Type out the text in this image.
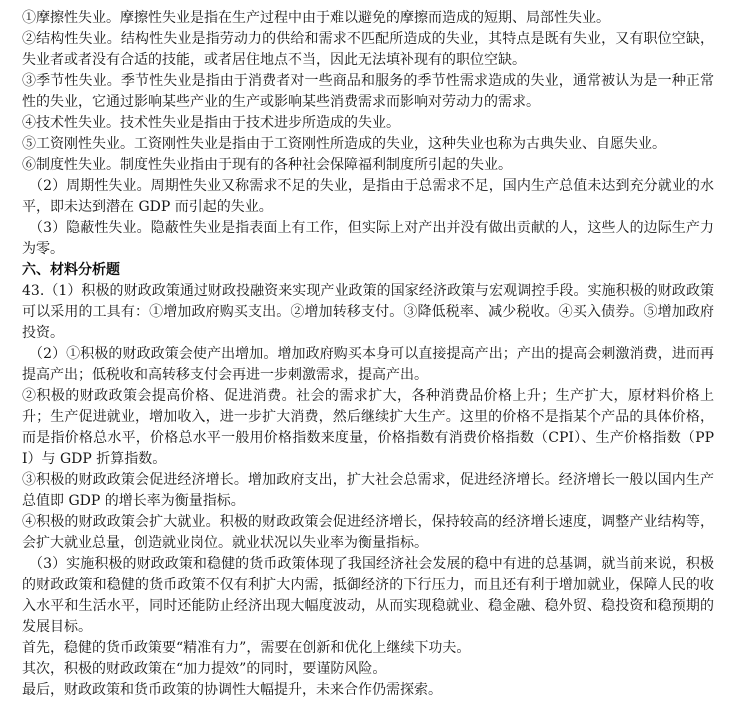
①摩擦性失业。摩擦性失业是指在生产过程中由于难以避免的摩擦而造成的短期、局部性失业。

②结构性失业。结构性失业是指劳动力的供给和需求不匹配所造成的失业，其特点是既有失业，又有职位空缺，失业者或者没有合适的技能，或者居住地点不当，因此无法填补现有的职位空缺。

③季节性失业。季节性失业是指由于消费者对一些商品和服务的季节性需求造成的失业，通常被认为是一种正常性的失业，它通过影响某些产业的生产或影响某些消费需求而影响对劳动力的需求。

④技术性失业。技术性失业是指由于技术进步所造成的失业。

⑤工资刚性失业。工资刚性失业是指由于工资刚性所造成的失业，这种失业也称为古典失业、自愿失业。

⑥制度性失业。制度性失业指由于现有的各种社会保障福利制度所引起的失业。

（2）周期性失业。周期性失业又称需求不足的失业，是指由于总需求不足，国内生产总值未达到充分就业的水平，即未达到潜在 GDP 而引起的失业。

（3）隐蔽性失业。隐蔽性失业是指表面上有工作，但实际上对产出并没有做出贡献的人，这些人的边际生产力为零。

六、材料分析题

43.（1）积极的财政政策通过财政投融资来实现产业政策的国家经济政策与宏观调控手段。实施积极的财政政策可以采用的工具有：①增加政府购买支出。②增加转移支付。③降低税率、减少税收。④买入债券。⑤增加政府投资。

（2）①积极的财政政策会使产出增加。增加政府购买本身可以直接提高产出；产出的提高会刺激消费，进而再提高产出；低税收和高转移支付会再进一步刺激需求，提高产出。

②积极的财政政策会提高价格、促进消费。社会的需求扩大，各种消费品价格上升；生产扩大，原材料价格上升；生产促进就业，增加收入，进一步扩大消费，然后继续扩大生产。这里的价格不是指某个产品的具体价格，而是指价格总水平，价格总水平一般用价格指数来度量，价格指数有消费价格指数（CPI）、生产价格指数（PPI）与 GDP 折算指数。

③积极的财政政策会促进经济增长。增加政府支出，扩大社会总需求，促进经济增长。经济增长一般以国内生产总值即 GDP 的增长率为衡量指标。

④积极的财政政策会扩大就业。积极的财政政策会促进经济增长，保持较高的经济增长速度，调整产业结构等，会扩大就业总量，创造就业岗位。就业状况以失业率为衡量指标。

（3）实施积极的财政政策和稳健的货币政策体现了我国经济社会发展的稳中有进的总基调，就当前来说，积极的财政政策和稳健的货币政策不仅有利扩大内需，抵御经济的下行压力，而且还有利于增加就业，保障人民的收入水平和生活水平，同时还能防止经济出现大幅度波动，从而实现稳就业、稳金融、稳外贸、稳投资和稳预期的发展目标。

首先，稳健的货币政策要“精准有力”，需要在创新和优化上继续下功夫。

其次，积极的财政政策在“加力提效”的同时，要谨防风险。

最后，财政政策和货币政策的协调性大幅提升，未来合作仍需探索。
